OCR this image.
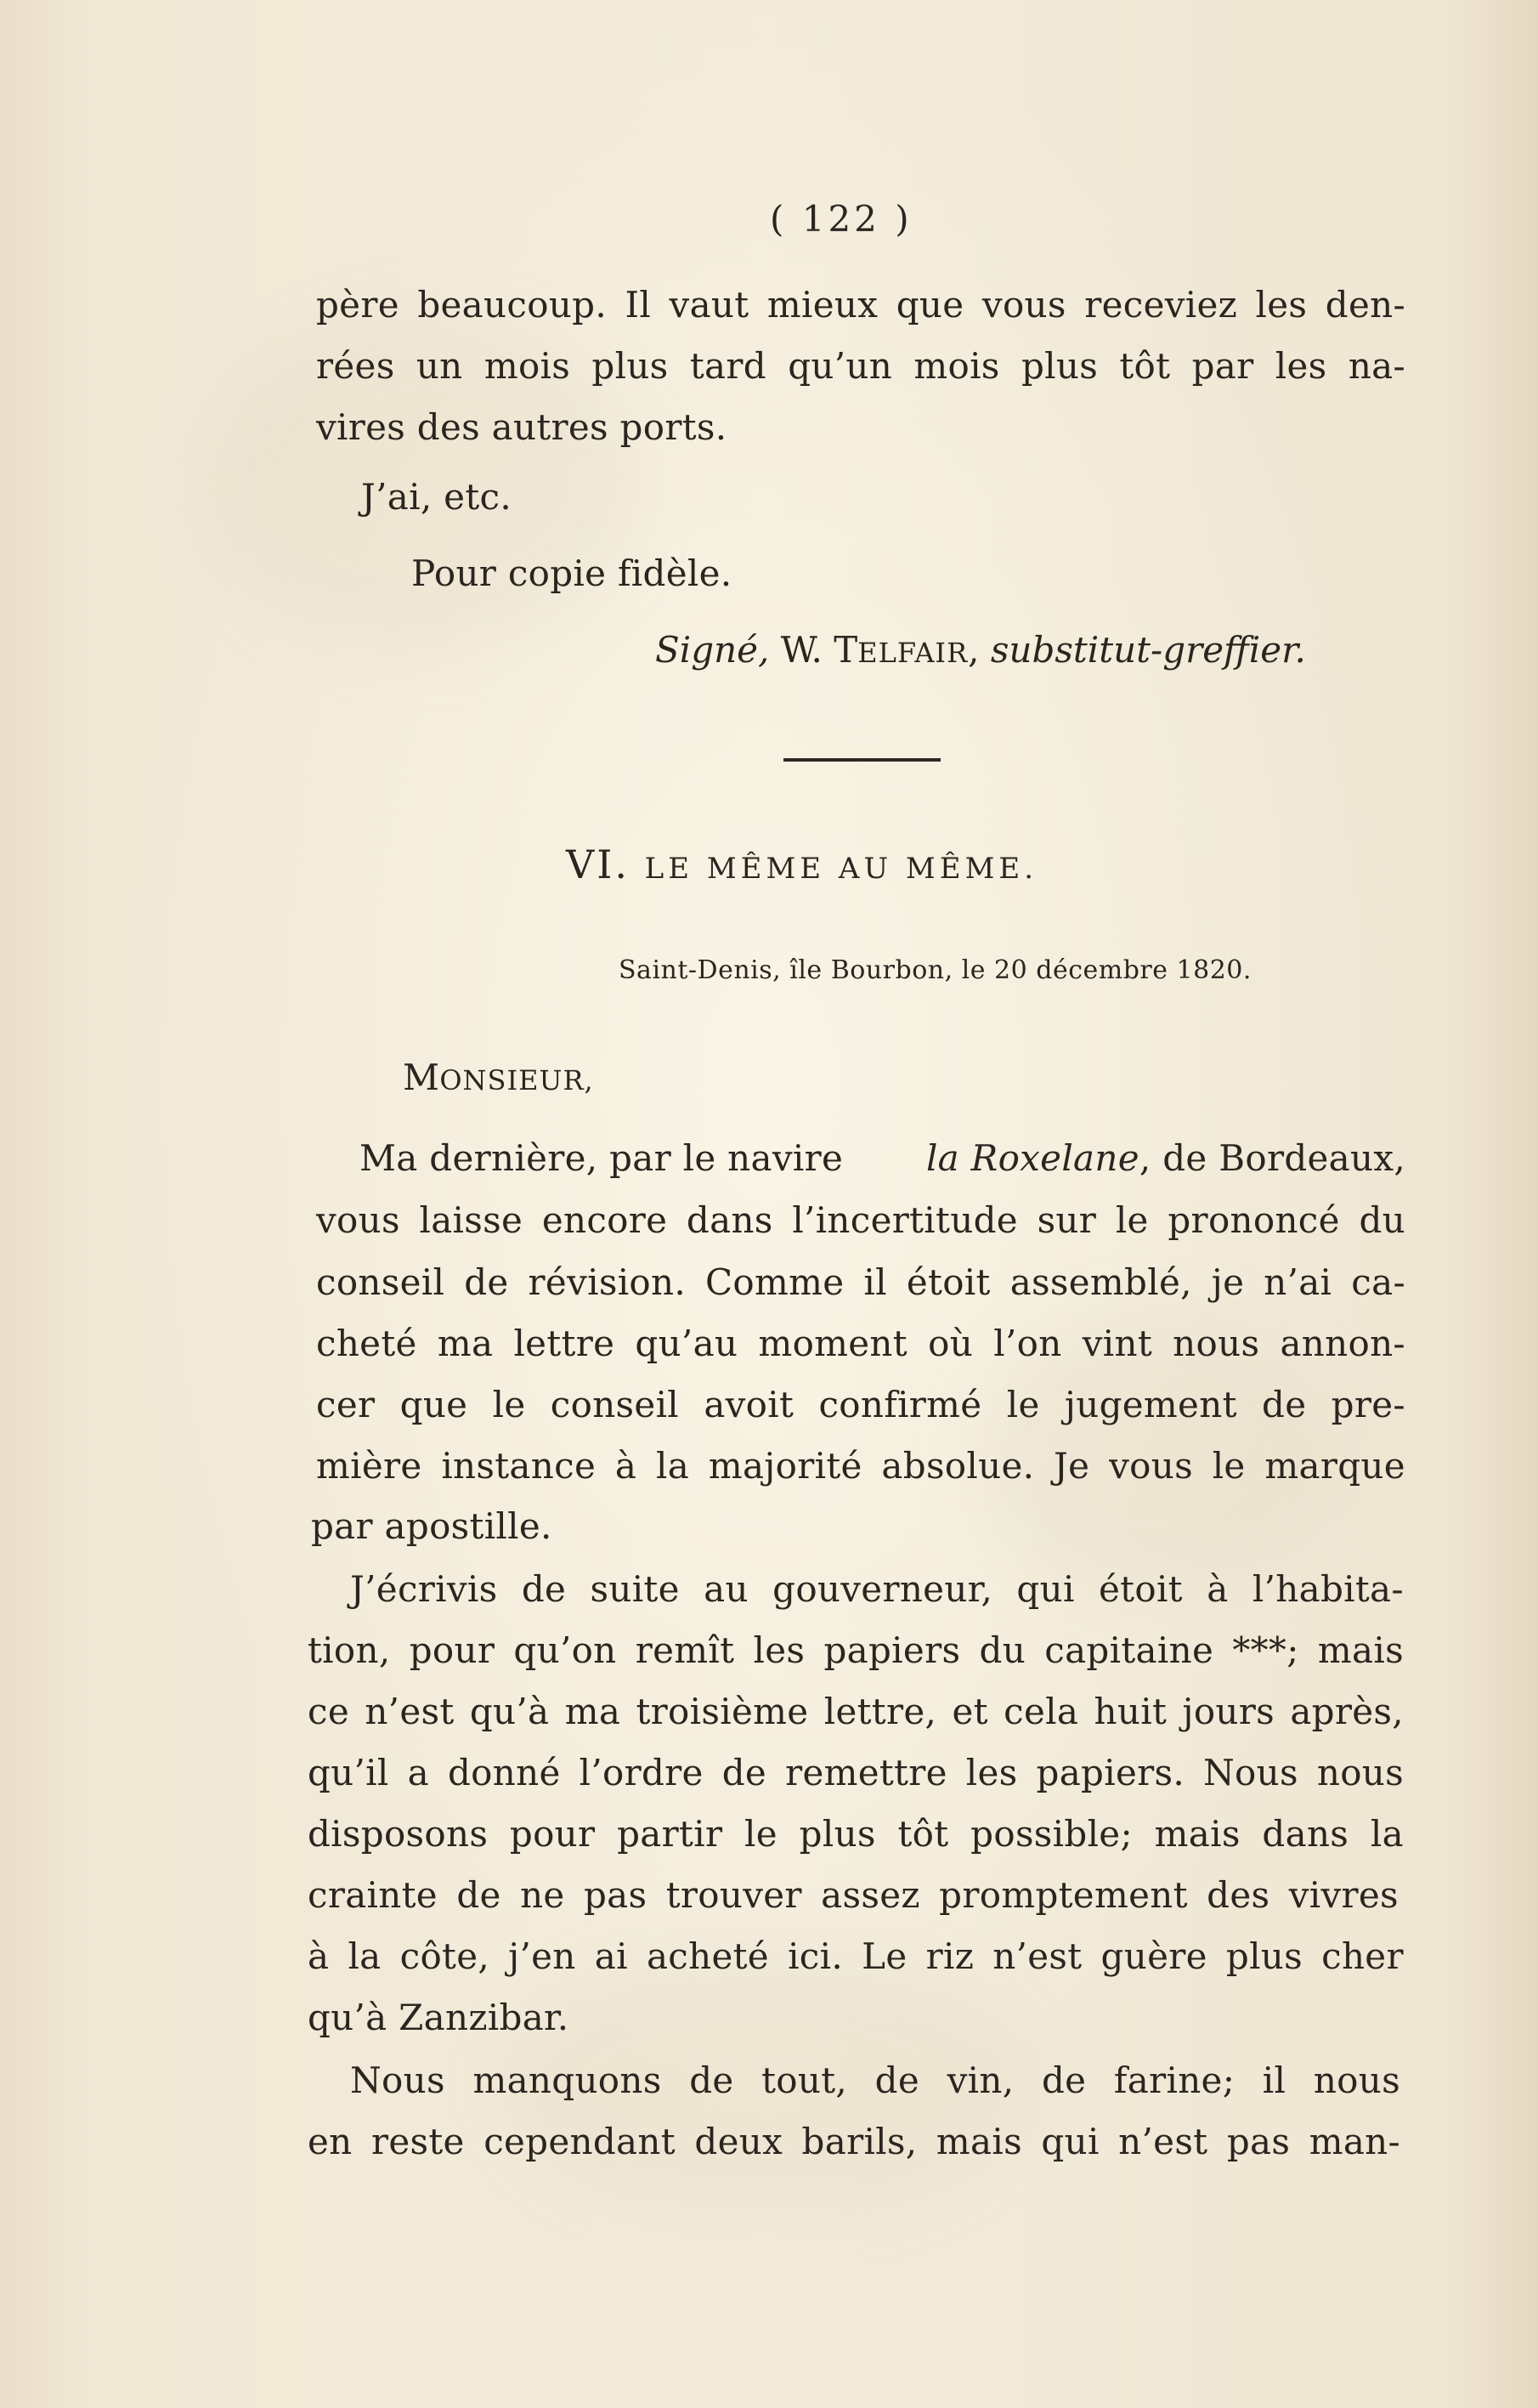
( 122 )
père beaucoup. Il vaut mieux que vous receviez les den-
rées un mois plus tard qu’un mois plus tôt par les na-
vires des autres ports.
J’ai, etc.
Pour copie fidèle.
Signé, W. TELFAIR, substitut-greffier.
VI. LE MÊME AU MÊME.
Saint-Denis, île Bourbon, le 20 décembre 1820.
MONSIEUR,
Ma dernière, par le navire la Roxelane, de Bordeaux,
vous laisse encore dans l’incertitude sur le prononcé du
conseil de révision. Comme il étoit assemblé, je n’ai ca-
cheté ma lettre qu’au moment où l’on vint nous annon-
cer que le conseil avoit confirmé le jugement de pre-
mière instance à la majorité absolue. Je vous le marque
par apostille.
J’écrivis de suite au gouverneur, qui étoit à l’habita-
tion, pour qu’on remît les papiers du capitaine ***; mais
ce n’est qu’à ma troisième lettre, et cela huit jours après,
qu’il a donné l’ordre de remettre les papiers. Nous nous
disposons pour partir le plus tôt possible; mais dans la
crainte de ne pas trouver assez promptement des vivres
à la côte, j’en ai acheté ici. Le riz n’est guère plus cher
qu’à Zanzibar.
Nous manquons de tout, de vin, de farine; il nous
en reste cependant deux barils, mais qui n’est pas man-
